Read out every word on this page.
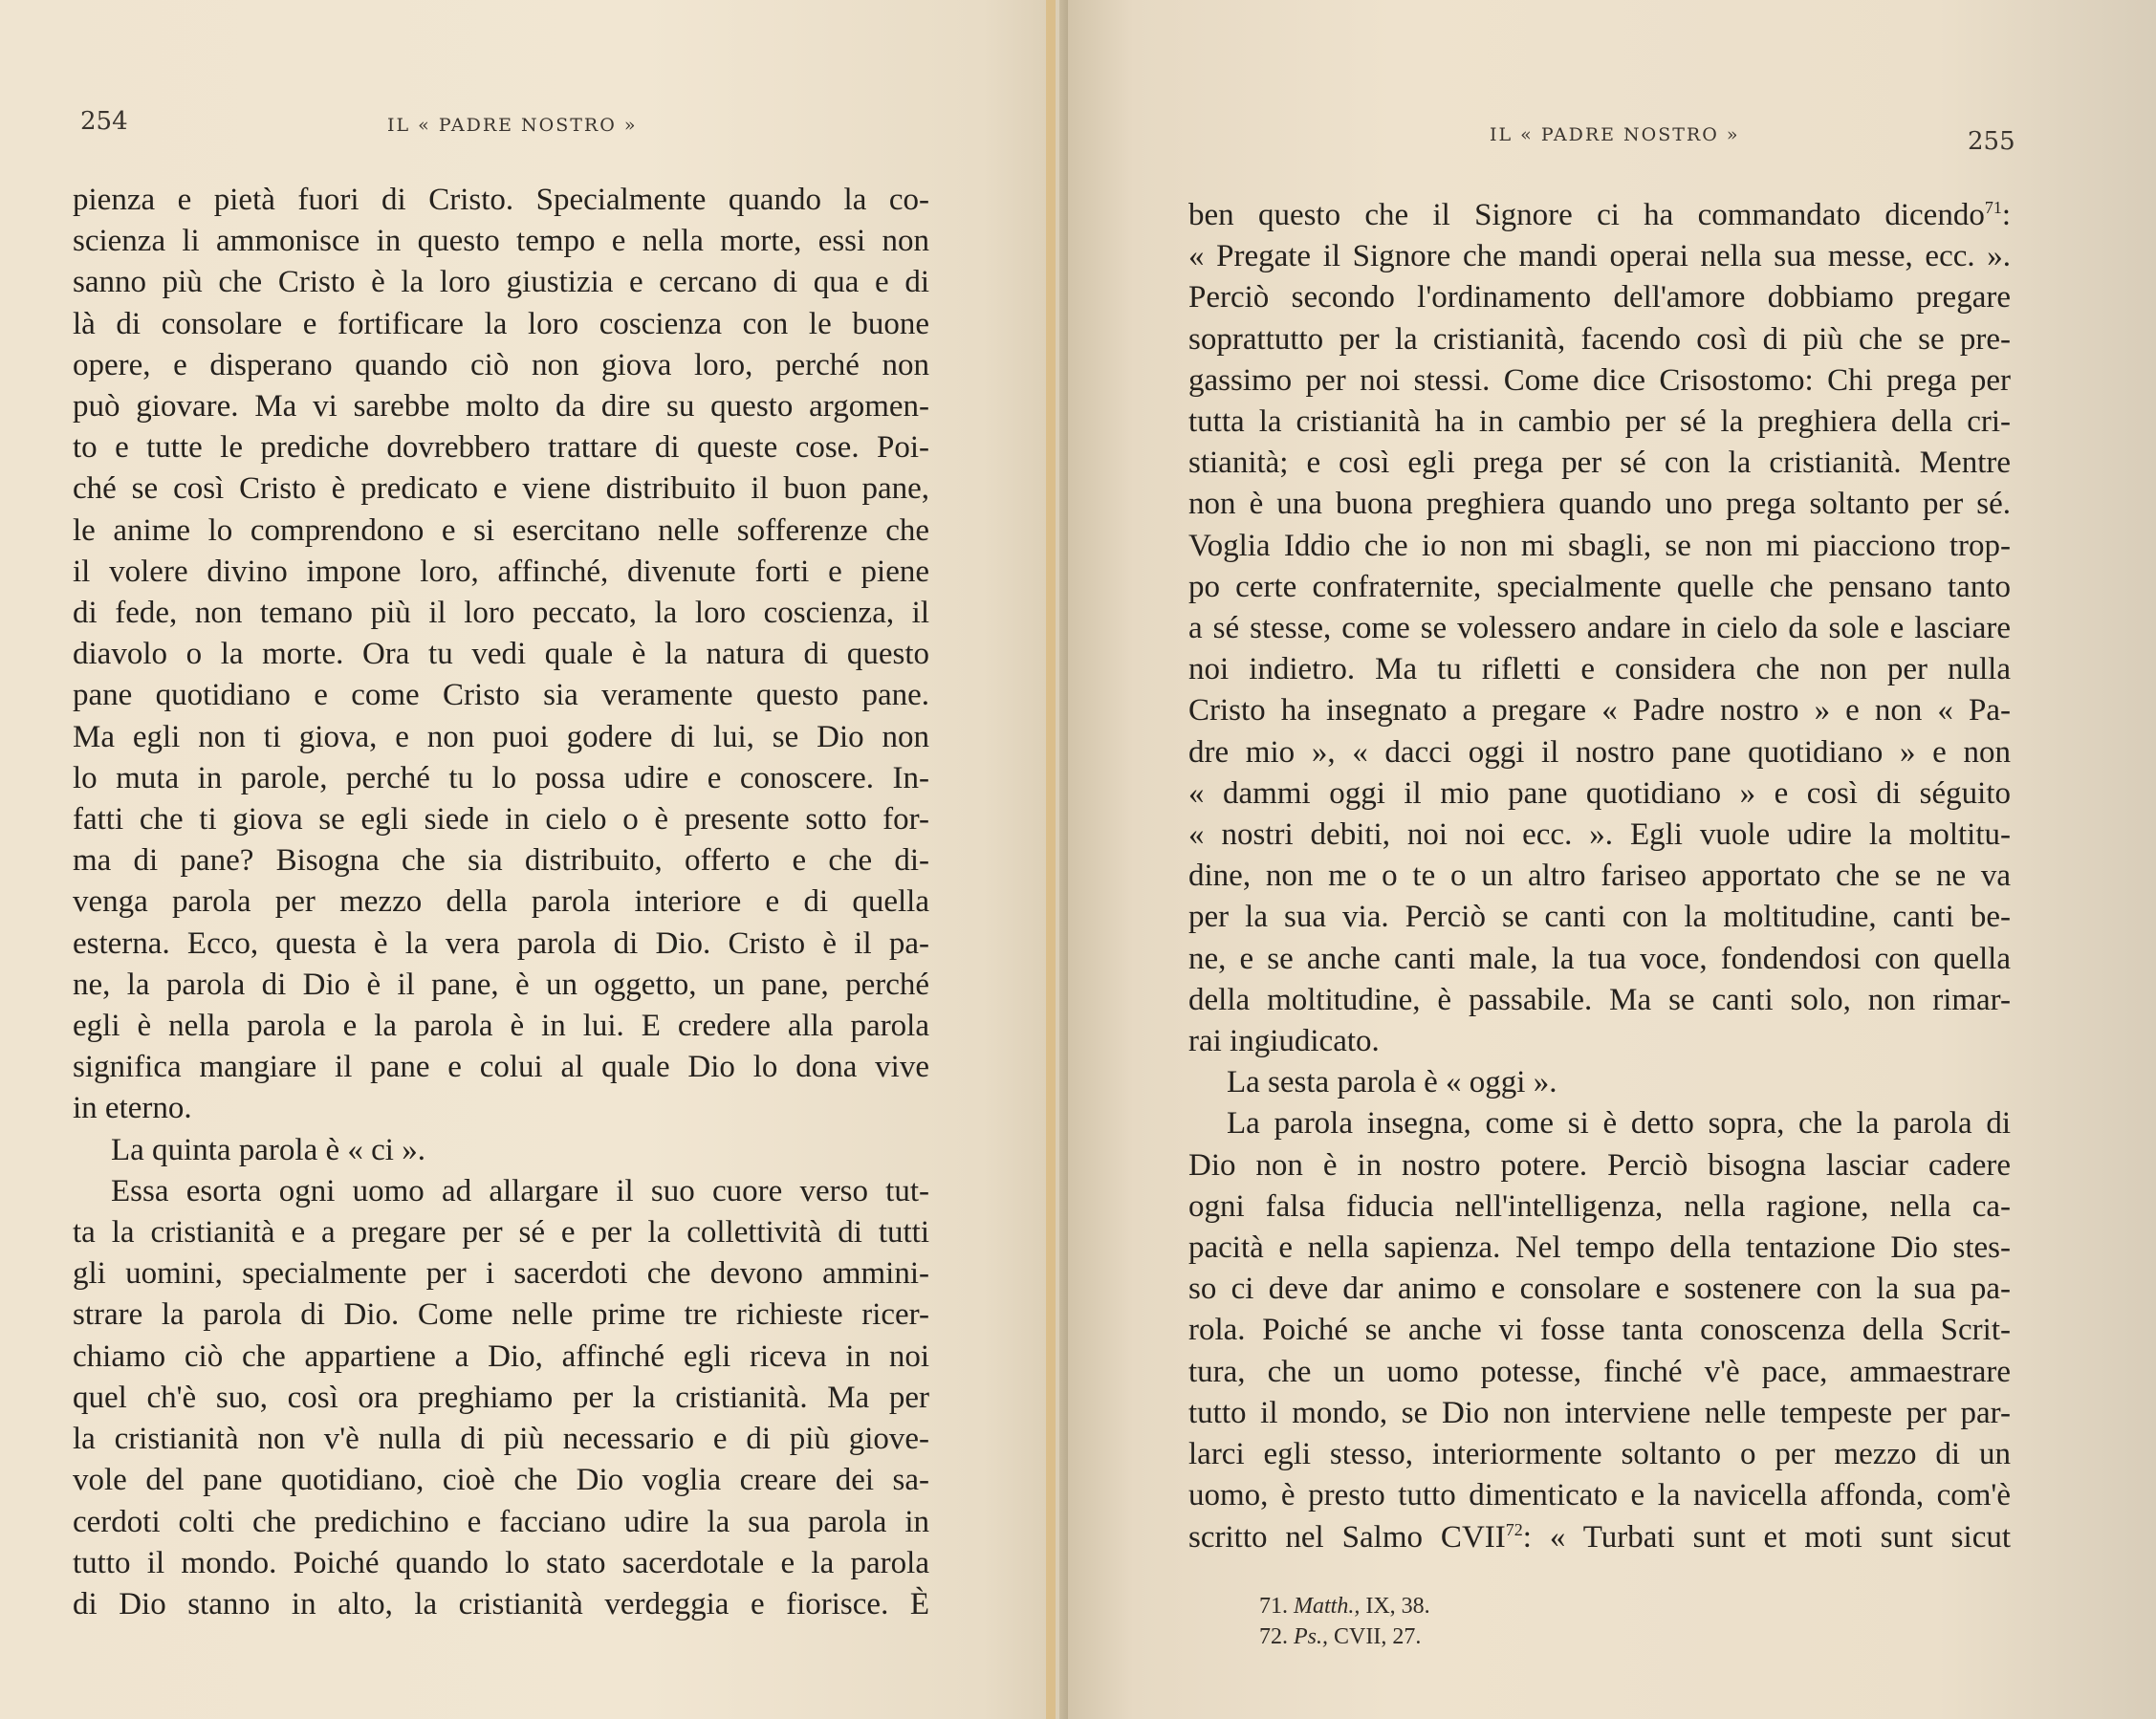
254	IL « PADRE NOSTRO »
pienza e pietà fuori di Cristo. Specialmente quando la co-
scienza li ammonisce in questo tempo e nella morte, essi non
sanno più che Cristo è la loro giustizia e cercano di qua e di
là di consolare e fortificare la loro coscienza con le buone
opere, e disperano quando ciò non giova loro, perché non
può giovare. Ma vi sarebbe molto da dire su questo argomen-
to e tutte le prediche dovrebbero trattare di queste cose. Poi-
ché se così Cristo è predicato e viene distribuito il buon pane,
le anime lo comprendono e si esercitano nelle sofferenze che
il volere divino impone loro, affinché, divenute forti e piene
di fede, non temano più il loro peccato, la loro coscienza, il
diavolo o la morte. Ora tu vedi quale è la natura di questo
pane quotidiano e come Cristo sia veramente questo pane.
Ma egli non ti giova, e non puoi godere di lui, se Dio non
lo muta in parole, perché tu lo possa udire e conoscere. In-
fatti che ti giova se egli siede in cielo o è presente sotto for-
ma di pane? Bisogna che sia distribuito, offerto e che di-
venga parola per mezzo della parola interiore e di quella
esterna. Ecco, questa è la vera parola di Dio. Cristo è il pa-
ne, la parola di Dio è il pane, è un oggetto, un pane, perché
egli è nella parola e la parola è in lui. E credere alla parola
significa mangiare il pane e colui al quale Dio lo dona vive
in eterno.
La quinta parola è « ci ».
Essa esorta ogni uomo ad allargare il suo cuore verso tut-
ta la cristianità e a pregare per sé e per la collettività di tutti
gli uomini, specialmente per i sacerdoti che devono ammini-
strare la parola di Dio. Come nelle prime tre richieste ricer-
chiamo ciò che appartiene a Dio, affinché egli riceva in noi
quel ch'è suo, così ora preghiamo per la cristianità. Ma per
la cristianità non v'è nulla di più necessario e di più giove-
vole del pane quotidiano, cioè che Dio voglia creare dei sa-
cerdoti colti che predichino e facciano udire la sua parola in
tutto il mondo. Poiché quando lo stato sacerdotale e la parola
di Dio stanno in alto, la cristianità verdeggia e fiorisce. È
IL « PADRE NOSTRO »	255
ben questo che il Signore ci ha commandato dicendo$^{71}$:
« Pregate il Signore che mandi operai nella sua messe, ecc. ».
Perciò secondo l'ordinamento dell'amore dobbiamo pregare
soprattutto per la cristianità, facendo così di più che se pre-
gassimo per noi stessi. Come dice Crisostomo: Chi prega per
tutta la cristianità ha in cambio per sé la preghiera della cri-
stianità; e così egli prega per sé con la cristianità. Mentre
non è una buona preghiera quando uno prega soltanto per sé.
Voglia Iddio che io non mi sbagli, se non mi piacciono trop-
po certe confraternite, specialmente quelle che pensano tanto
a sé stesse, come se volessero andare in cielo da sole e lasciare
noi indietro. Ma tu rifletti e considera che non per nulla
Cristo ha insegnato a pregare « Padre nostro » e non « Pa-
dre mio », « dacci oggi il nostro pane quotidiano » e non
« dammi oggi il mio pane quotidiano » e così di séguito
« nostri debiti, noi noi ecc. ». Egli vuole udire la moltitu-
dine, non me o te o un altro fariseo apportato che se ne va
per la sua via. Perciò se canti con la moltitudine, canti be-
ne, e se anche canti male, la tua voce, fondendosi con quella
della moltitudine, è passabile. Ma se canti solo, non rimar-
rai ingiudicato.
La sesta parola è « oggi ».
La parola insegna, come si è detto sopra, che la parola di
Dio non è in nostro potere. Perciò bisogna lasciar cadere
ogni falsa fiducia nell'intelligenza, nella ragione, nella ca-
pacità e nella sapienza. Nel tempo della tentazione Dio stes-
so ci deve dar animo e consolare e sostenere con la sua pa-
rola. Poiché se anche vi fosse tanta conoscenza della Scrit-
tura, che un uomo potesse, finché v'è pace, ammaestrare
tutto il mondo, se Dio non interviene nelle tempeste per par-
larci egli stesso, interiormente soltanto o per mezzo di un
uomo, è presto tutto dimenticato e la navicella affonda, com'è
scritto nel Salmo CVII$^{72}$: « Turbati sunt et moti sunt sicut
71. Matth., IX, 38.
72. Ps., CVII, 27.
